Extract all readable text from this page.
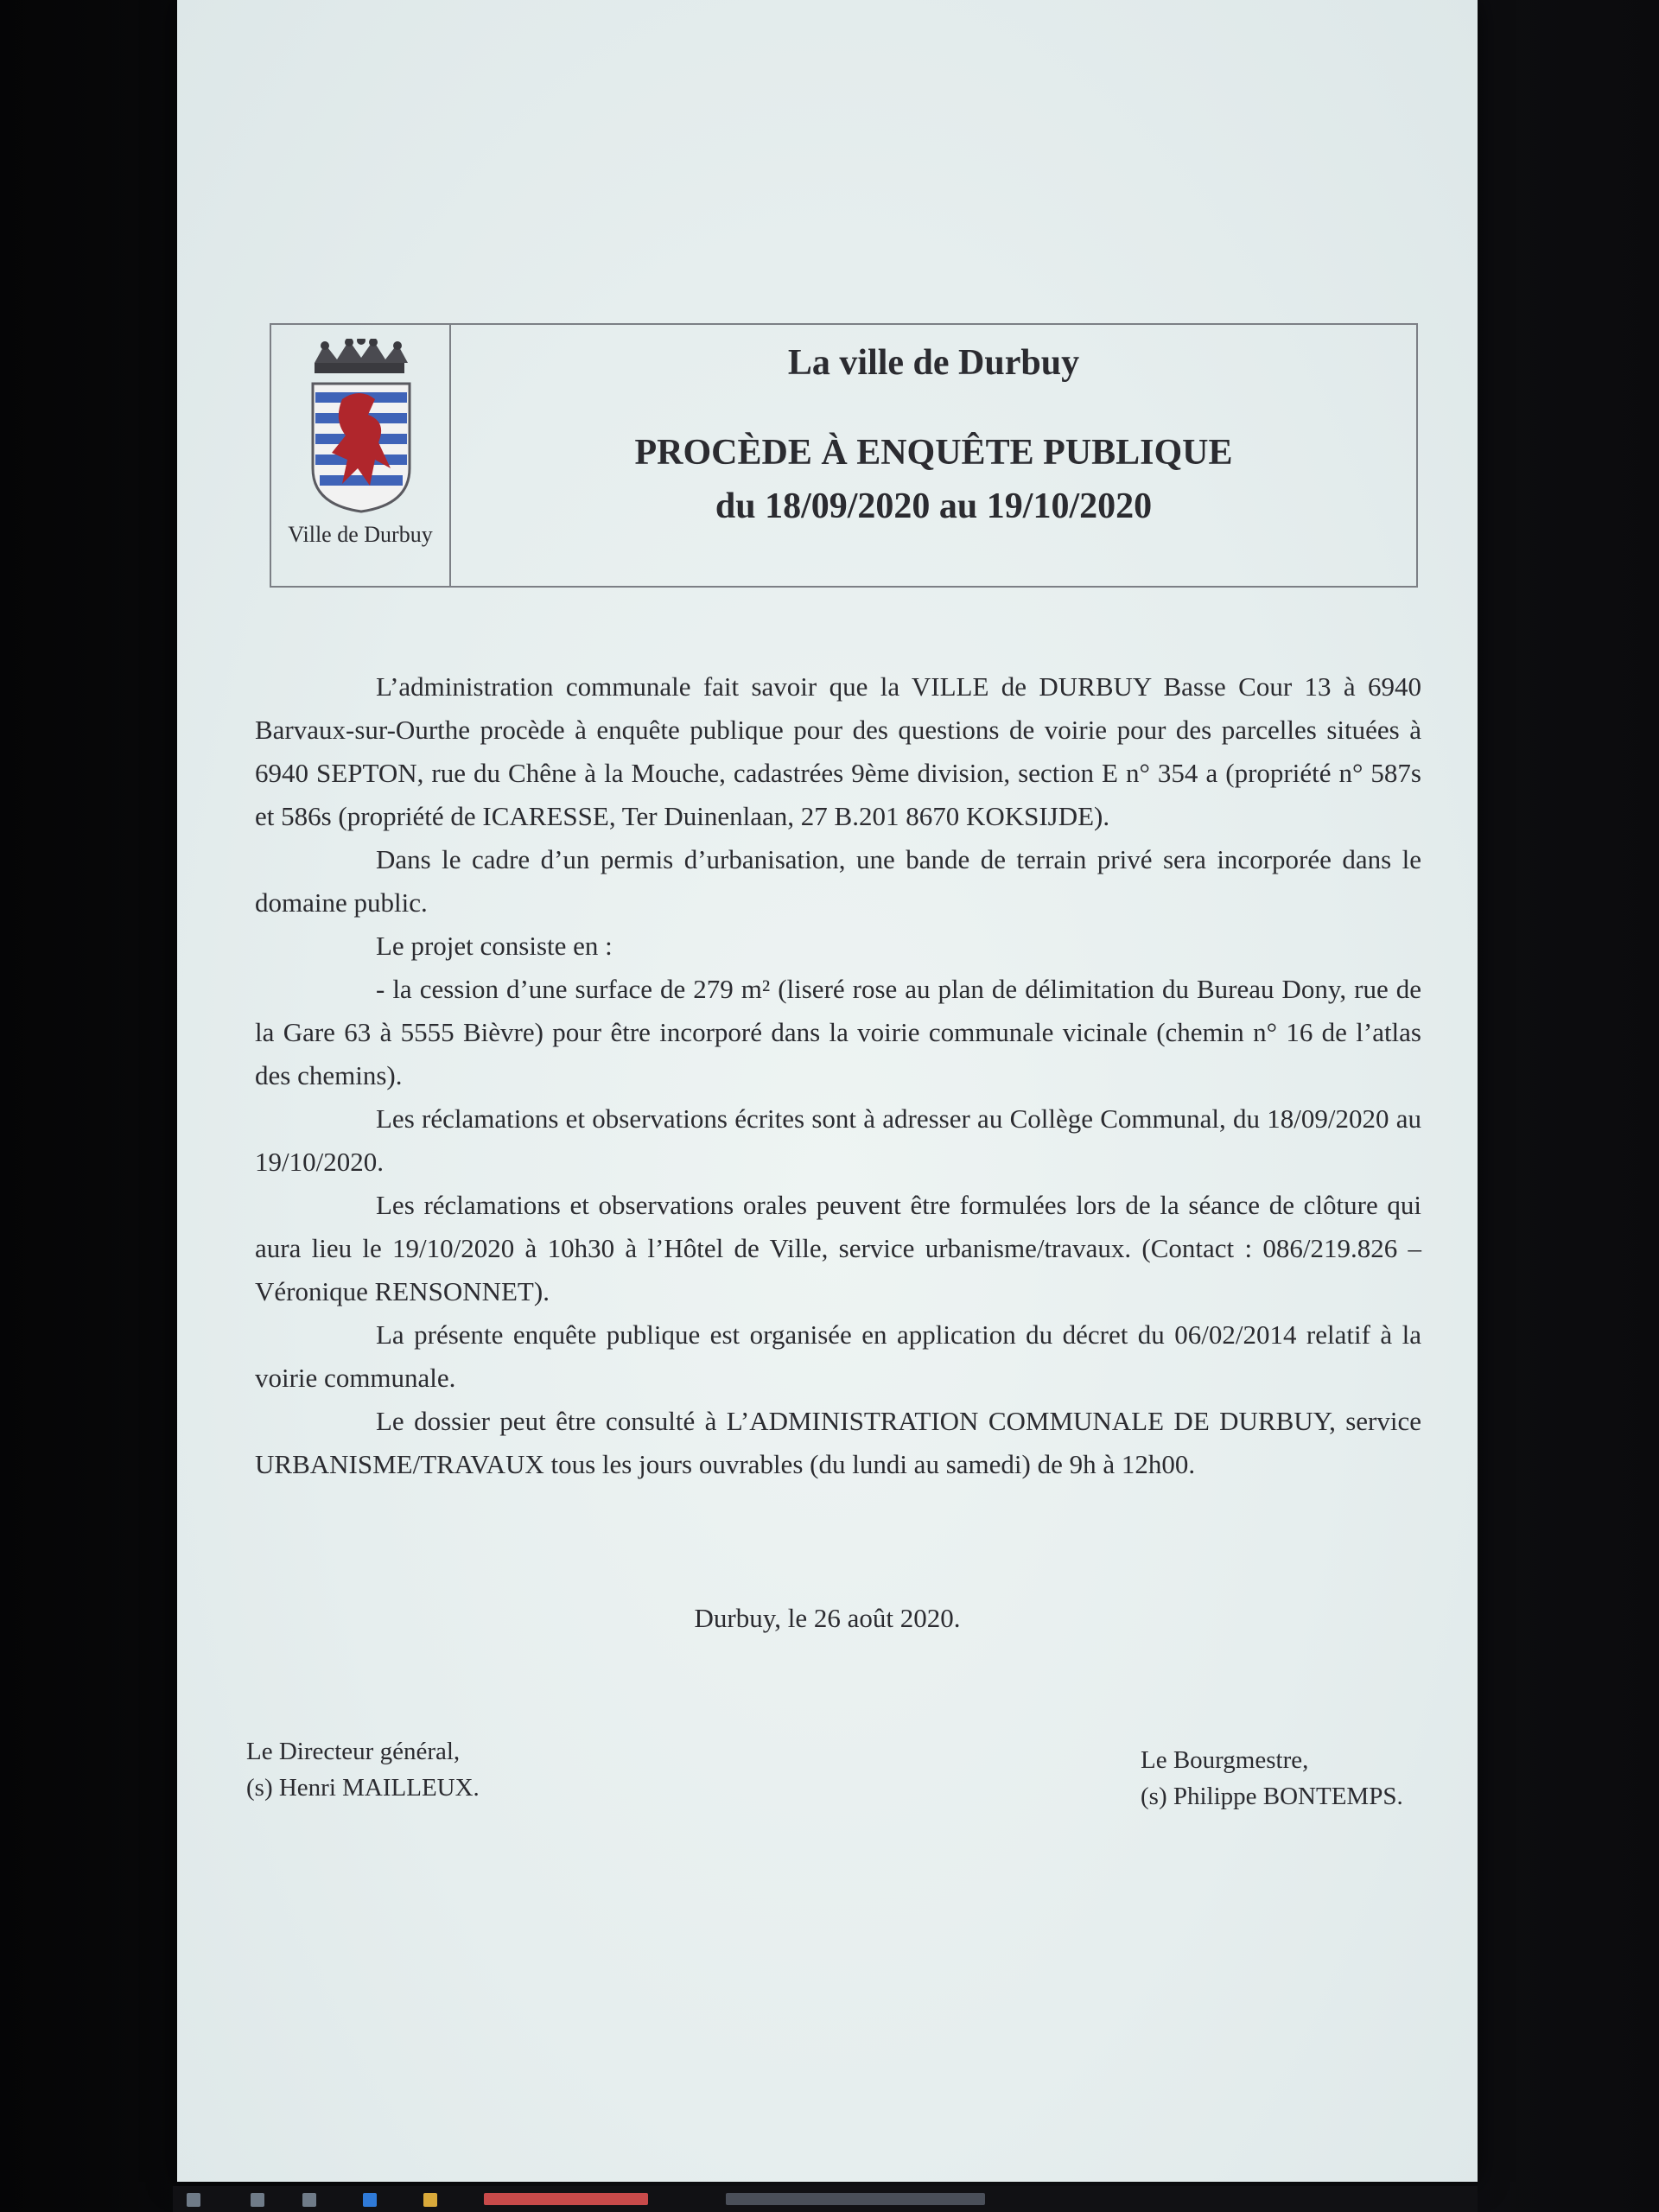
Ville de Durbuy
La ville de Durbuy
PROCÈDE À ENQUÊTE PUBLIQUE
du 18/09/2020 au 19/10/2020

L’administration communale fait savoir que la VILLE de DURBUY Basse Cour 13 à 6940 Barvaux-sur-Ourthe procède à enquête publique pour des questions de voirie pour des parcelles situées à 6940 SEPTON, rue du Chêne à la Mouche, cadastrées 9ème division, section E n° 354 a (propriété n° 587s et 586s (propriété de ICARESSE, Ter Duinenlaan, 27 B.201 8670 KOKSIJDE).

Dans le cadre d’un permis d’urbanisation, une bande de terrain privé sera incorporée dans le domaine public.

Le projet consiste en :

- la cession d’une surface de 279 m² (liseré rose au plan de délimitation du Bureau Dony, rue de la Gare 63 à 5555 Bièvre) pour être incorporé dans la voirie communale vicinale (chemin n° 16 de l’atlas des chemins).

Les réclamations et observations écrites sont à adresser au Collège Communal, du 18/09/2020 au 19/10/2020.

Les réclamations et observations orales peuvent être formulées lors de la séance de clôture qui aura lieu le 19/10/2020 à 10h30 à l’Hôtel de Ville, service urbanisme/travaux. (Contact : 086/219.826 – Véronique RENSONNET).

La présente enquête publique est organisée en application du décret du 06/02/2014 relatif à la voirie communale.

Le dossier peut être consulté à L’ADMINISTRATION COMMUNALE DE DURBUY, service URBANISME/TRAVAUX tous les jours ouvrables (du lundi au samedi) de 9h à 12h00.

Durbuy, le 26 août 2020.
Le Directeur général,
(s) Henri MAILLEUX.
Le Bourgmestre,
(s) Philippe BONTEMPS.
